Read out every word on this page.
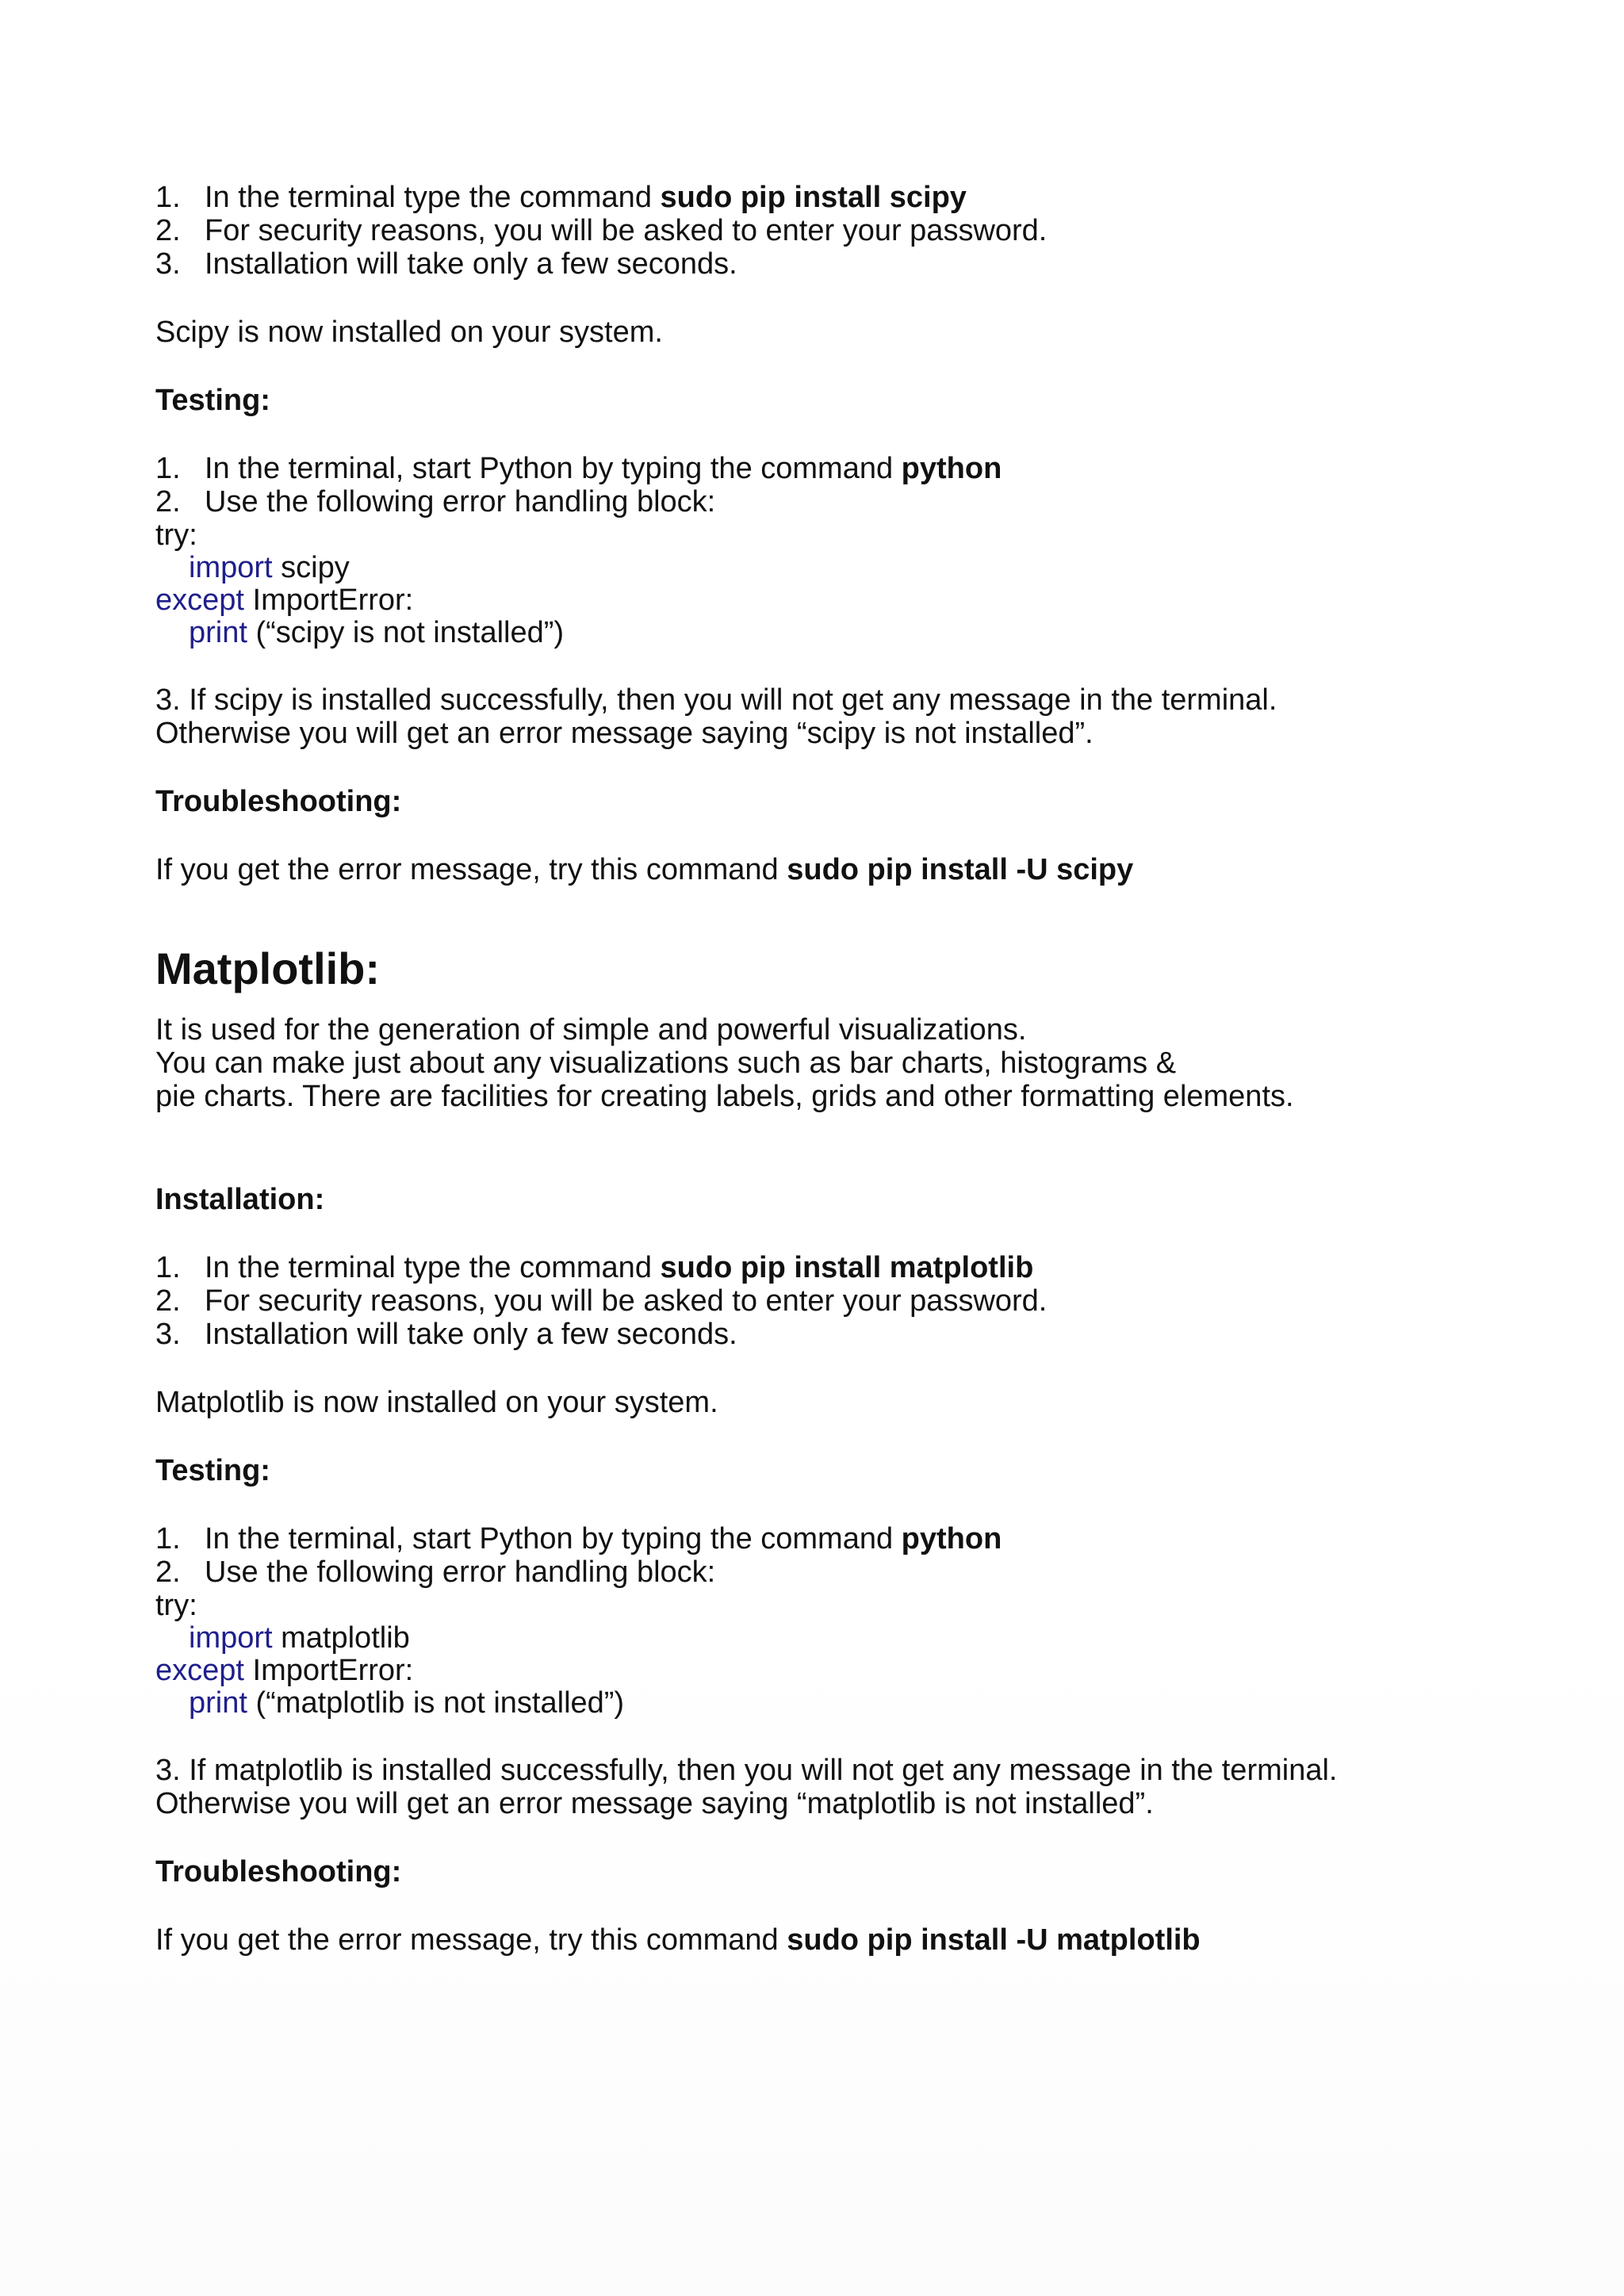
1. In the terminal type the command sudo pip install scipy
2. For security reasons, you will be asked to enter your password.
3. Installation will take only a few seconds.
Scipy is now installed on your system.
Testing:
1. In the terminal, start Python by typing the command python
2. Use the following error handling block:
try:
import scipy
except ImportError:
print (“scipy is not installed”)
3. If scipy is installed successfully, then you will not get any message in the terminal.
Otherwise you will get an error message saying “scipy is not installed”.
Troubleshooting:
If you get the error message, try this command sudo pip install -U scipy
Matplotlib:
It is used for the generation of simple and powerful visualizations.
You can make just about any visualizations such as bar charts, histograms &
pie charts. There are facilities for creating labels, grids and other formatting elements.
Installation:
1. In the terminal type the command sudo pip install matplotlib
2. For security reasons, you will be asked to enter your password.
3. Installation will take only a few seconds.
Matplotlib is now installed on your system.
Testing:
1. In the terminal, start Python by typing the command python
2. Use the following error handling block:
try:
import matplotlib
except ImportError:
print (“matplotlib is not installed”)
3. If matplotlib is installed successfully, then you will not get any message in the terminal.
Otherwise you will get an error message saying “matplotlib is not installed”.
Troubleshooting:
If you get the error message, try this command sudo pip install -U matplotlib
